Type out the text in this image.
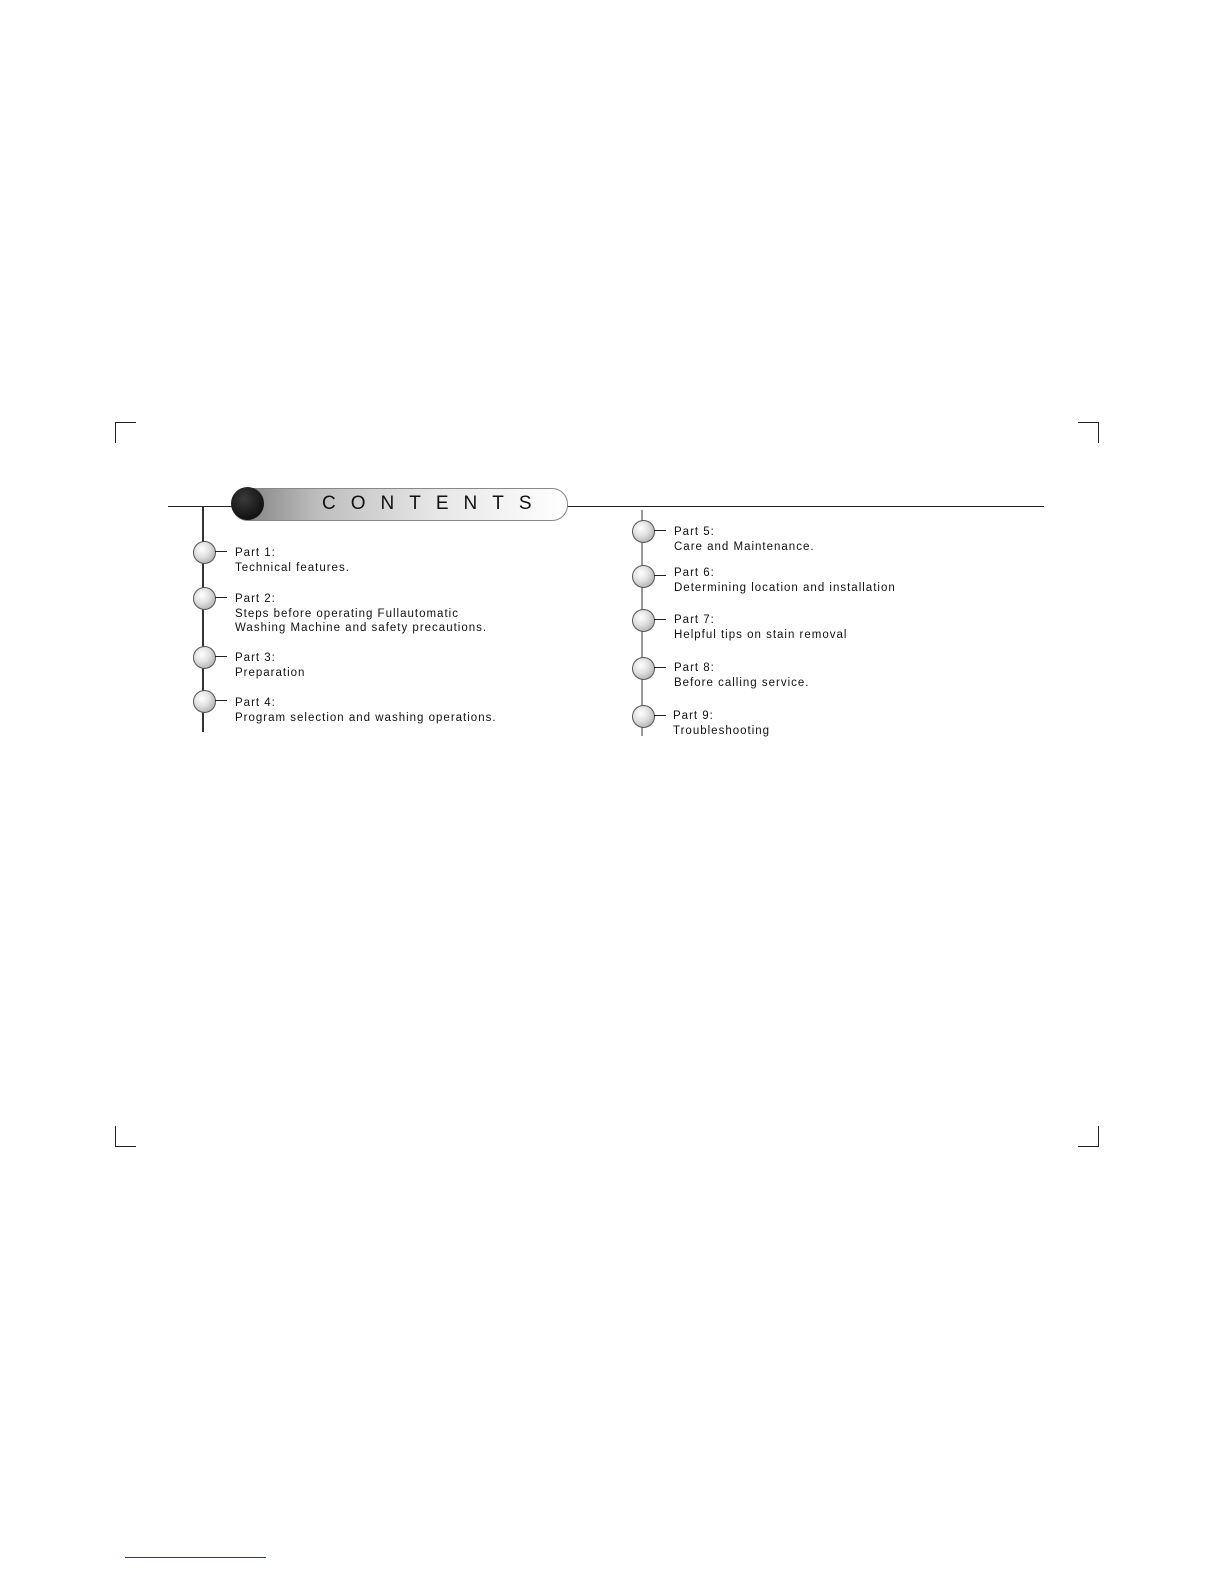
CONTENTS
Part 1:
Technical features.
Part 2:
Steps before operating Fullautomatic
Washing Machine and safety precautions.
Part 3:
Preparation
Part 4:
Program selection and washing operations.
Part 5:
Care and Maintenance.
Part 6:
Determining location and installation
Part 7:
Helpful tips on stain removal
Part 8:
Before calling service.
Part 9:
Troubleshooting
